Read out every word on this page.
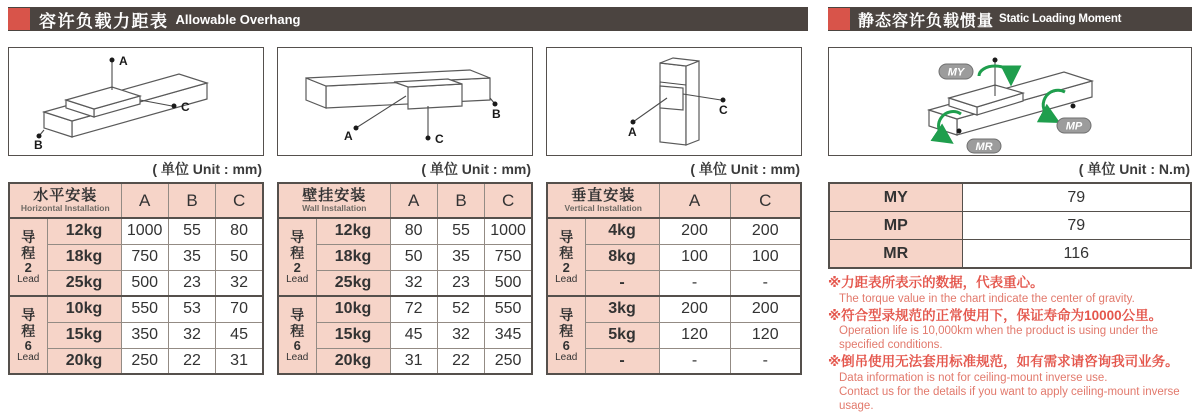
容许负载力距表 Allowable Overhang
A
B
C
( 单位 Unit : mm)
水平安装
Horizontal Installation		A	B	C

导程
2
Lead	12kg	1000	55	80
	18kg	750	35	50
	25kg	500	23	32

导程
6
Lead	10kg	550	53	70
	15kg	350	32	45
	20kg	250	22	31
A
B
C
( 单位 Unit : mm)
壁挂安装
Wall Installation		A	B	C

导程
2
Lead	12kg	80	55	1000
	18kg	50	35	750
	25kg	32	23	500

导程
6
Lead	10kg	72	52	550
	15kg	45	32	345
	20kg	31	22	250
A
C
( 单位 Unit : mm)
垂直安装
Vertical Installation		A	C

导程
2
Lead	4kg	200	200
	8kg	100	100
	-	-	-

导程
6
Lead	3kg	200	200
	5kg	120	120
	-	-	-
静态容许负载惯量 Static Loading Moment
MY
MP
MR
( 单位 Unit : N.m)
MY	79
MP	79
MR	116
※力距表所表示的数据，代表重心。
The torque value in the chart indicate the center of gravity.
※符合型录规范的正常使用下，保证寿命为10000公里。
Operation life is 10,000km when the product is using under the specified conditions.
※倒吊使用无法套用标准规范，如有需求请咨询我司业务。
Data information is not for ceiling-mount inverse use.
Contact us for the details if you want to apply ceiling-mount inverse usage.
